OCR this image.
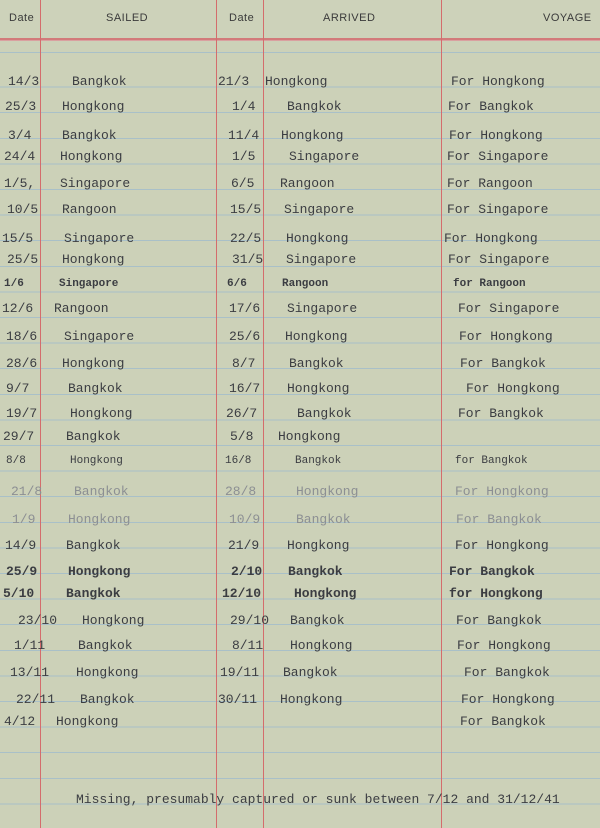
Date	SAILED	Date	ARRIVED	VOYAGE
14/3	Bangkok	21/3 Hongkong	For Hongkong
25/3 Hongkong	1/4 Bangkok	For Bangkok
3/4 Bangkok	11/4 Hongkong	For Hongkong
24/4 Hongkong	1/5	Singapore	For Singapore
1/5, Singapore	6/5 Rangoon	For Rangoon
10/5 Rangoon	15/5 Singapore	For Singapore
15/5 Singapore	22/5 Hongkong	For Hongkong
25/5 Hongkong	31/5 Singapore	For Singapore
1/6	Singapore	6/6	Rangoon	for Rangoon
12/6 Rangoon	17/6 Singapore	For Singapore
18/6 Singapore	25/6 Hongkong	For Hongkong
28/6 Hongkong	8/7	Bangkok	For Bangkok
9/7	Bangkok	16/7 Hongkong	For Hongkong
19/7	Hongkong	26/7	Bangkok	For Bangkok
29/7 Bangkok	5/8 Hongkong
8/8	Hongkong	16/8	Bangkok	for Bangkok
21/8 Bangkok	28/8	Hongkong	For Hongkong
1/9	Hongkong	10/9	Bangkok	For Bangkok
14/9 Bangkok	21/9 Hongkong	For Hongkong
25/9 Hongkong	2/10 Bangkok	For Bangkok
5/10 Bangkok	12/10	Hongkong	for Hongkong
23/10 Hongkong	29/10 Bangkok	For Bangkok
1/11	Bangkok	8/11 Hongkong	For Hongkong
13/11 Hongkong	19/11 Bangkok	For Bangkok
22/11 Bangkok	30/11 Hongkong	For Hongkong
4/12 Hongkong	For Bangkok
Missing, presumably captured or sunk between 7/12 and 31/12/41
